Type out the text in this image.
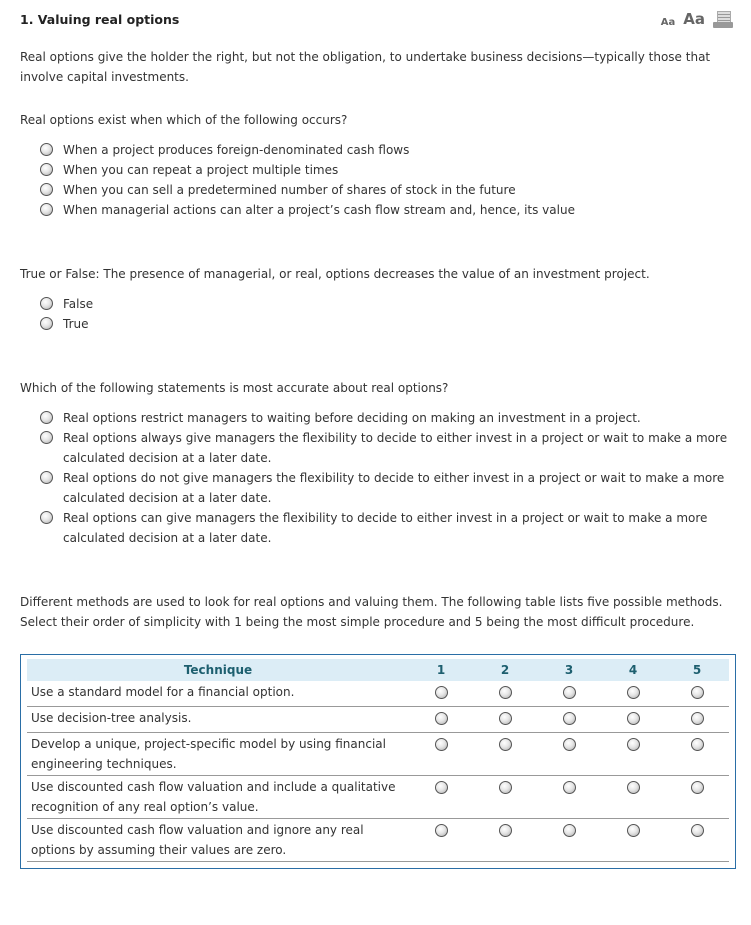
1. Valuing real options	Aa Aa
Real options give the holder the right, but not the obligation, to undertake business decisions—typically those that involve capital investments.
Real options exist when which of the following occurs?
When a project produces foreign-denominated cash flows
When you can repeat a project multiple times
When you can sell a predetermined number of shares of stock in the future
When managerial actions can alter a project’s cash flow stream and, hence, its value
True or False: The presence of managerial, or real, options decreases the value of an investment project.
False
True
Which of the following statements is most accurate about real options?
Real options restrict managers to waiting before deciding on making an investment in a project.
Real options always give managers the flexibility to decide to either invest in a project or wait to make a more calculated decision at a later date.
Real options do not give managers the flexibility to decide to either invest in a project or wait to make a more calculated decision at a later date.
Real options can give managers the flexibility to decide to either invest in a project or wait to make a more calculated decision at a later date.
Different methods are used to look for real options and valuing them. The following table lists five possible methods. Select their order of simplicity with 1 being the most simple procedure and 5 being the most difficult procedure.
Technique	1	2	3	4	5
Use a standard model for a financial option.					
Use decision-tree analysis.					
Develop a unique, project-specific model by using financial engineering techniques.					
Use discounted cash flow valuation and include a qualitative recognition of any real option’s value.					
Use discounted cash flow valuation and ignore any real options by assuming their values are zero.					
